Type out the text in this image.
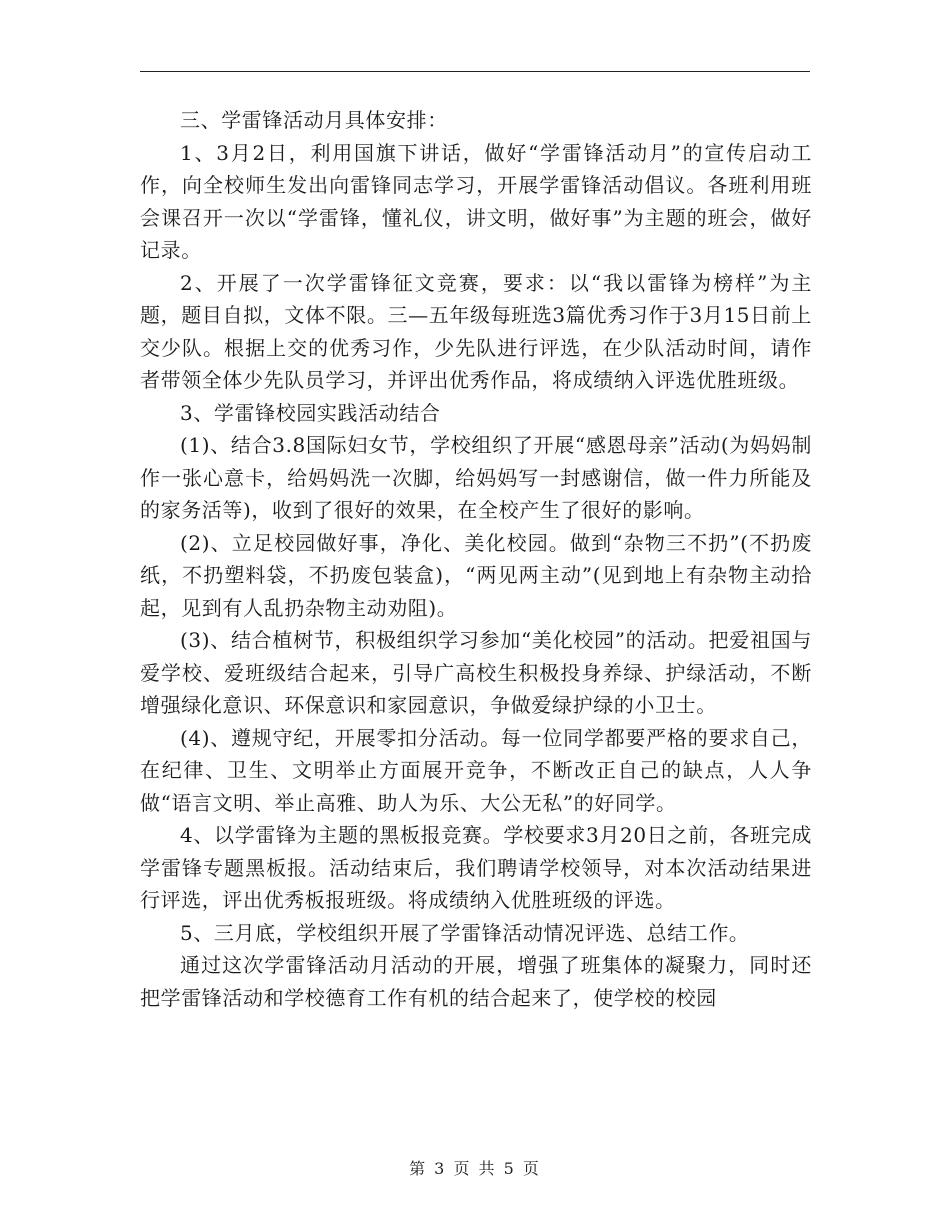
三、学雷锋活动月具体安排：

1、3月2日，利用国旗下讲话，做好“学雷锋活动月”的宣传启动工作，向全校师生发出向雷锋同志学习，开展学雷锋活动倡议。各班利用班会课召开一次以“学雷锋，懂礼仪，讲文明，做好事”为主题的班会，做好记录。

2、开展了一次学雷锋征文竞赛，要求：以“我以雷锋为榜样”为主题，题目自拟，文体不限。三—五年级每班选3篇优秀习作于3月15日前上交少队。根据上交的优秀习作，少先队进行评选，在少队活动时间，请作者带领全体少先队员学习，并评出优秀作品，将成绩纳入评选优胜班级。

3、学雷锋校园实践活动结合

(1)、结合3.8国际妇女节，学校组织了开展“感恩母亲”活动(为妈妈制作一张心意卡，给妈妈洗一次脚，给妈妈写一封感谢信，做一件力所能及的家务活等)，收到了很好的效果，在全校产生了很好的影响。

(2)、立足校园做好事，净化、美化校园。做到“杂物三不扔”(不扔废纸，不扔塑料袋，不扔废包装盒)，“两见两主动”(见到地上有杂物主动拾起，见到有人乱扔杂物主动劝阻)。

(3)、结合植树节，积极组织学习参加“美化校园”的活动。把爱祖国与爱学校、爱班级结合起来，引导广高校生积极投身养绿、护绿活动，不断增强绿化意识、环保意识和家园意识，争做爱绿护绿的小卫士。

(4)、遵规守纪，开展零扣分活动。每一位同学都要严格的要求自己，在纪律、卫生、文明举止方面展开竞争，不断改正自己的缺点，人人争做“语言文明、举止高雅、助人为乐、大公无私”的好同学。

4、以学雷锋为主题的黑板报竞赛。学校要求3月20日之前，各班完成学雷锋专题黑板报。活动结束后，我们聘请学校领导，对本次活动结果进行评选，评出优秀板报班级。将成绩纳入优胜班级的评选。

5、三月底，学校组织开展了学雷锋活动情况评选、总结工作。

通过这次学雷锋活动月活动的开展，增强了班集体的凝聚力，同时还把学雷锋活动和学校德育工作有机的结合起来了，使学校的校园

第 3 页 共 5 页
